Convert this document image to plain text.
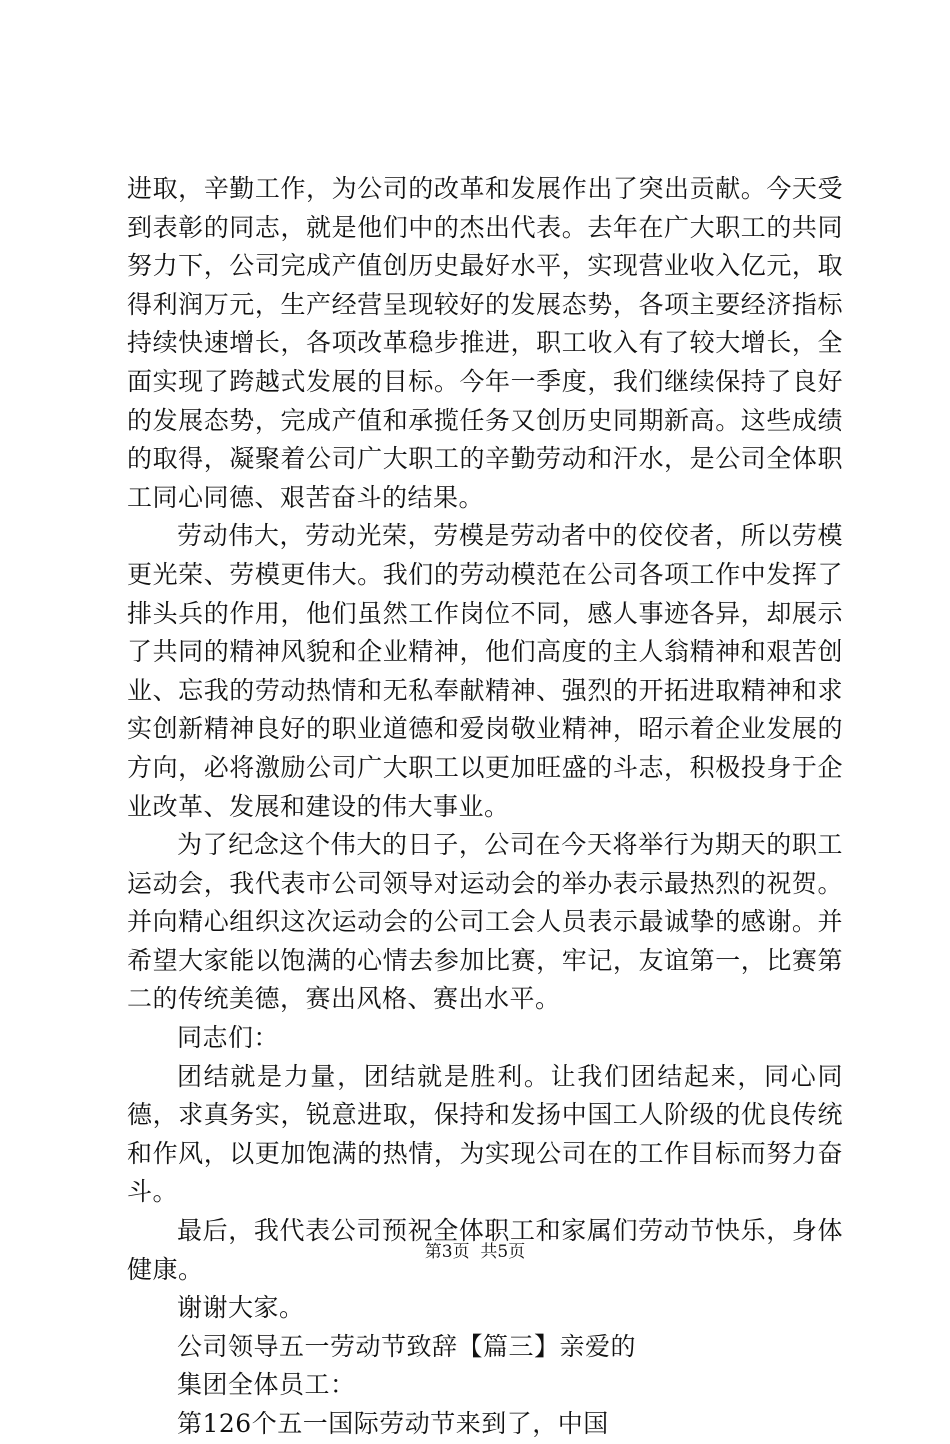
进取，辛勤工作，为公司的改革和发展作出了突出贡献。今天受到表彰的同志，就是他们中的杰出代表。去年在广大职工的共同努力下，公司完成产值创历史最好水平，实现营业收入亿元，取得利润万元，生产经营呈现较好的发展态势，各项主要经济指标持续快速增长，各项改革稳步推进，职工收入有了较大增长，全面实现了跨越式发展的目标。今年一季度，我们继续保持了良好的发展态势，完成产值和承揽任务又创历史同期新高。这些成绩的取得，凝聚着公司广大职工的辛勤劳动和汗水，是公司全体职工同心同德、艰苦奋斗的结果。

劳动伟大，劳动光荣，劳模是劳动者中的佼佼者，所以劳模更光荣、劳模更伟大。我们的劳动模范在公司各项工作中发挥了排头兵的作用，他们虽然工作岗位不同，感人事迹各异，却展示了共同的精神风貌和企业精神，他们高度的主人翁精神和艰苦创业、忘我的劳动热情和无私奉献精神、强烈的开拓进取精神和求实创新精神良好的职业道德和爱岗敬业精神，昭示着企业发展的方向，必将激励公司广大职工以更加旺盛的斗志，积极投身于企业改革、发展和建设的伟大事业。

为了纪念这个伟大的日子，公司在今天将举行为期天的职工运动会，我代表市公司领导对运动会的举办表示最热烈的祝贺。并向精心组织这次运动会的公司工会人员表示最诚挚的感谢。并希望大家能以饱满的心情去参加比赛，牢记，友谊第一，比赛第二的传统美德，赛出风格、赛出水平。

同志们：

团结就是力量，团结就是胜利。让我们团结起来，同心同德，求真务实，锐意进取，保持和发扬中国工人阶级的优良传统和作风，以更加饱满的热情，为实现公司在的工作目标而努力奋斗。

最后，我代表公司预祝全体职工和家属们劳动节快乐，身体健康。

谢谢大家。

公司领导五一劳动节致辞【篇三】亲爱的

集团全体员工：

第126个五一国际劳动节来到了，中国

第3页 共5页
